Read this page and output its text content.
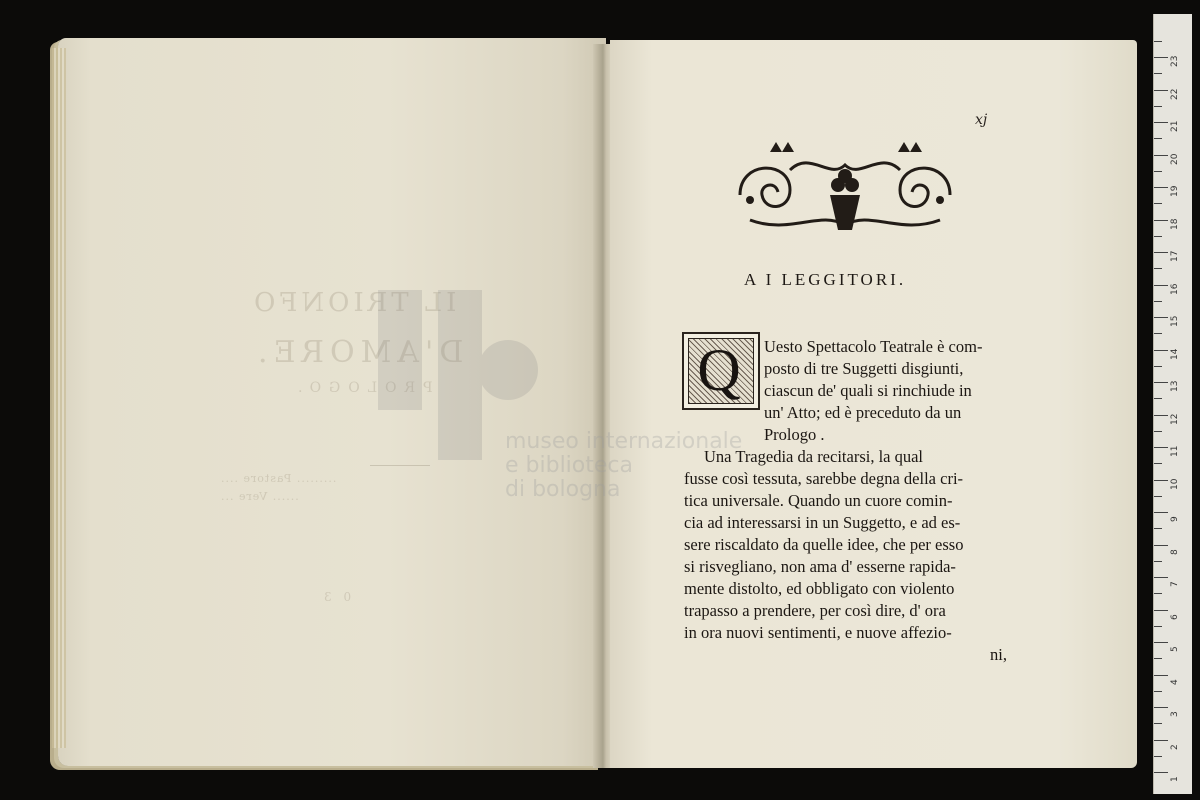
IL TRIONFO
D'AMORE.
PROLOGO.
......... Pastore ....
...... Vere ...
0 3
museo internazionale
e biblioteca
di bologna
xj
A I LEGGITORI.
Q	Uesto Spettacolo Teatrale è com-
posto di tre Suggetti disgiunti,
ciascun de' quali si rinchiude in
un' Atto; ed è preceduto da un
Prologo .
Una Tragedia da recitarsi, la qual
fusse così tessuta, sarebbe degna della cri-
tica universale. Quando un cuore comin-
cia ad interessarsi in un Suggetto, e ad es-
sere riscaldato da quelle idee, che per esso
si risvegliano, non ama d' esserne rapida-
mente distolto, ed obbligato con violento
trapasso a prendere, per così dire, d' ora
in ora nuovi sentimenti, e nuove affezio-
ni,
1
2
3
4
5
6
7
8
9
10
11
12
13
14
15
16
17
18
19
20
21
22
23
